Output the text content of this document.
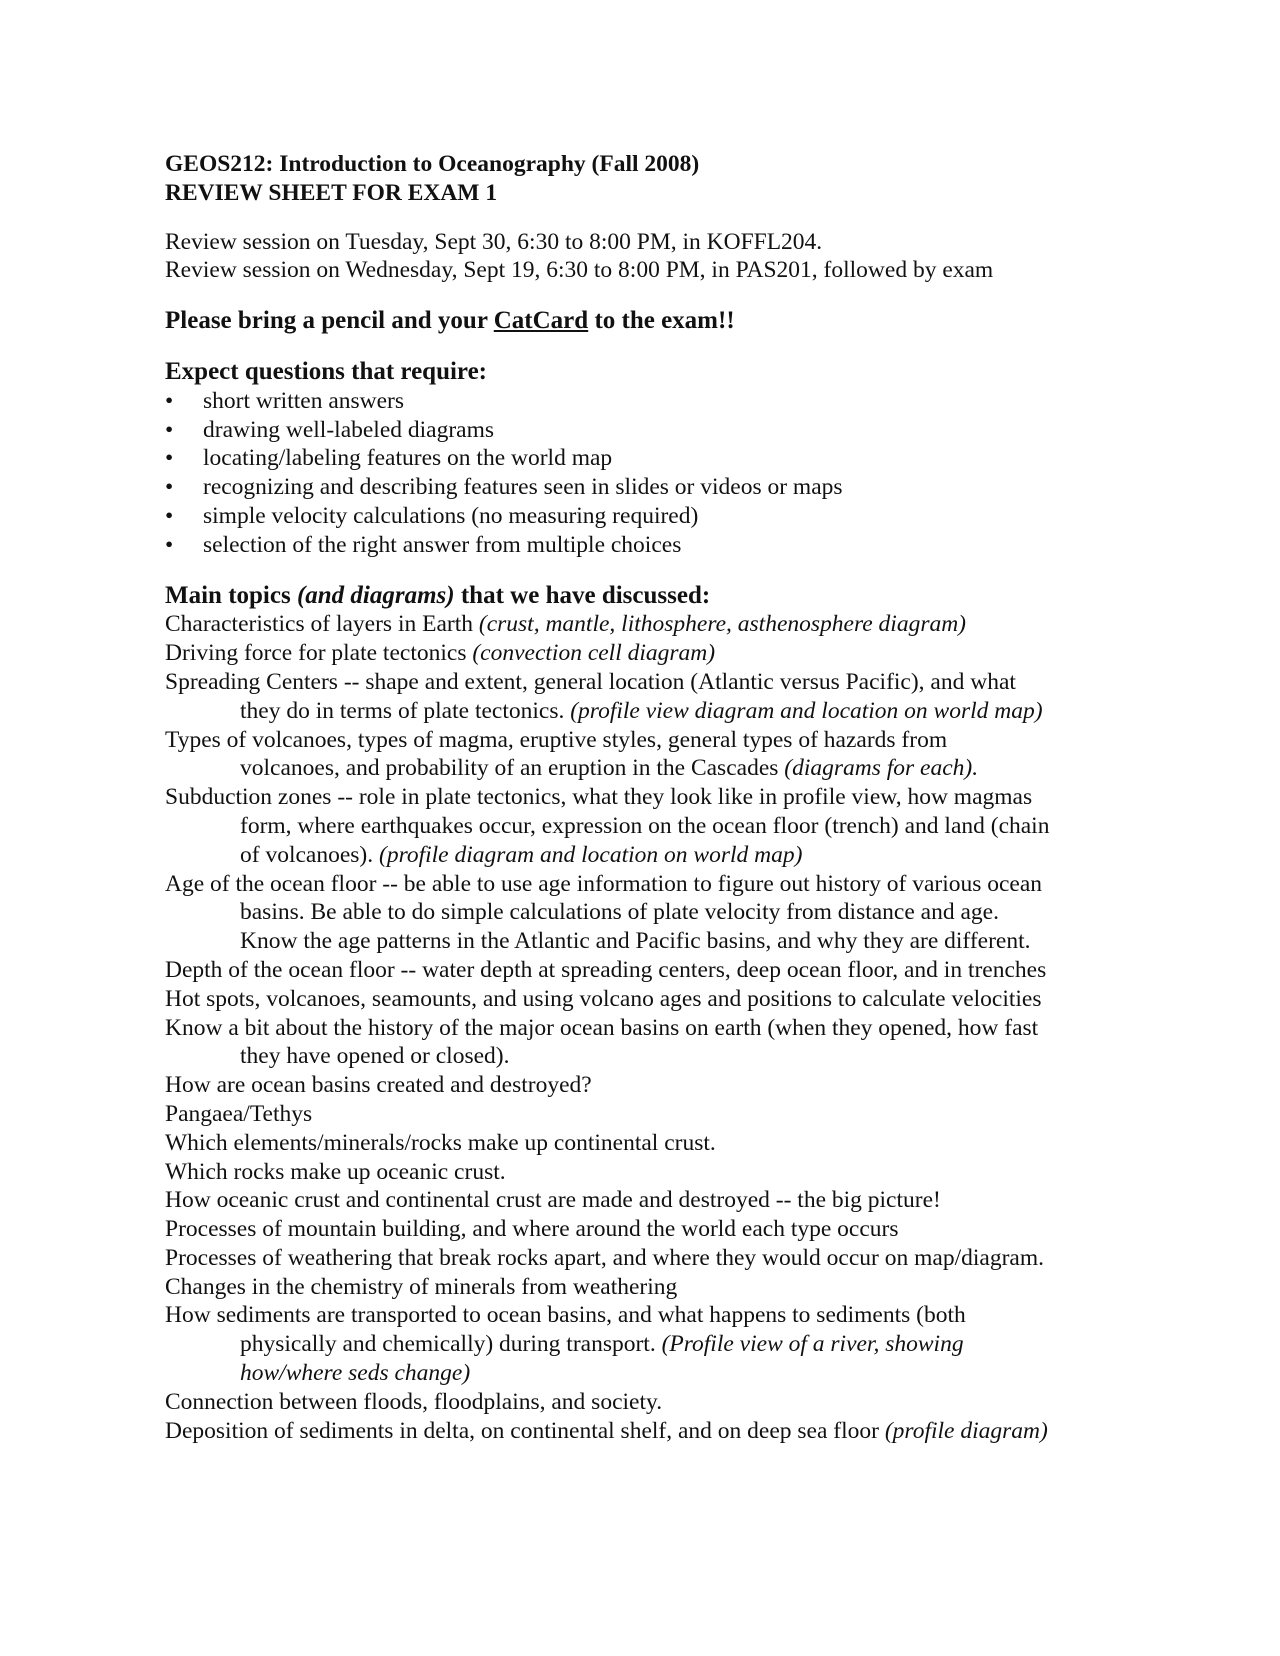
GEOS212: Introduction to Oceanography (Fall 2008)
REVIEW SHEET FOR EXAM 1
Review session on Tuesday, Sept 30, 6:30 to 8:00 PM, in KOFFL204.
Review session on Wednesday, Sept 19, 6:30 to 8:00 PM, in PAS201, followed by exam
Please bring a pencil and your CatCard to the exam!!
Expect questions that require:
• short written answers
• drawing well-labeled diagrams
• locating/labeling features on the world map
• recognizing and describing features seen in slides or videos or maps
• simple velocity calculations (no measuring required)
• selection of the right answer from multiple choices
Main topics (and diagrams) that we have discussed:
Characteristics of layers in Earth (crust, mantle, lithosphere, asthenosphere diagram)
Driving force for plate tectonics (convection cell diagram)
Spreading Centers -- shape and extent, general location (Atlantic versus Pacific), and what
they do in terms of plate tectonics. (profile view diagram and location on world map)
Types of volcanoes, types of magma, eruptive styles, general types of hazards from
volcanoes, and probability of an eruption in the Cascades (diagrams for each).
Subduction zones -- role in plate tectonics, what they look like in profile view, how magmas
form, where earthquakes occur, expression on the ocean floor (trench) and land (chain
of volcanoes). (profile diagram and location on world map)
Age of the ocean floor -- be able to use age information to figure out history of various ocean
basins. Be able to do simple calculations of plate velocity from distance and age.
Know the age patterns in the Atlantic and Pacific basins, and why they are different.
Depth of the ocean floor -- water depth at spreading centers, deep ocean floor, and in trenches
Hot spots, volcanoes, seamounts, and using volcano ages and positions to calculate velocities
Know a bit about the history of the major ocean basins on earth (when they opened, how fast
they have opened or closed).
How are ocean basins created and destroyed?
Pangaea/Tethys
Which elements/minerals/rocks make up continental crust.
Which rocks make up oceanic crust.
How oceanic crust and continental crust are made and destroyed -- the big picture!
Processes of mountain building, and where around the world each type occurs
Processes of weathering that break rocks apart, and where they would occur on map/diagram.
Changes in the chemistry of minerals from weathering
How sediments are transported to ocean basins, and what happens to sediments (both
physically and chemically) during transport. (Profile view of a river, showing
how/where seds change)
Connection between floods, floodplains, and society.
Deposition of sediments in delta, on continental shelf, and on deep sea floor (profile diagram)
